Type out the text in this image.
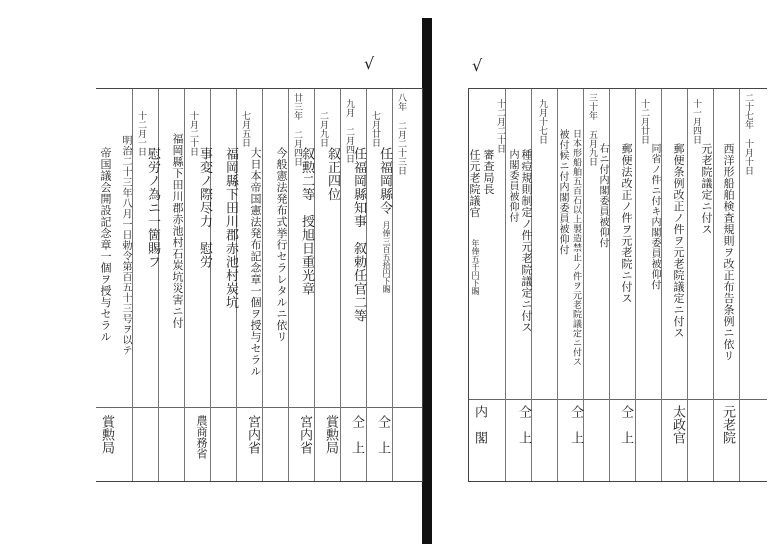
√	√
八年 二月二十三日
任福岡縣令
月俸三百五拾円下賜
仝　上
七月廿日
任福岡縣知事　叙勅任官二等
仝　上
九月 二月四日
叙正四位
賞勲局
二月九日
叙勲二等　授旭日重光章
宮内省
廿三年 二月四日
今般憲法発布式挙行セラレタルニ依リ
大日本帝国憲法発布記念章一個ヲ授与セラル
宮内省
七月五日
福岡縣下田川郡赤池村炭坑
事変ノ際尽力　慰労
農商務省
十月二十日
福岡縣下田川郡赤池村石炭坑災害ニ付
慰労ノ為ニ一箇賜フ
十二月一日
明治二十三年八月一日勅令第百五十三号ヲ以テ
帝国議会開設記念章一個ヲ授与セラル
賞勲局
二十七年 十月十日
西洋形船舶検査規則ヲ改正布告条例ニ依リ
元老院議定ニ付ス
元老院
十一月四日
郵便条例改正ノ件ヲ元老院議定ニ付ス
同省ノ件ニ付キ内閣委員被仰付
太政官
十二月廿日
郵便法改正ノ件ヲ元老院ニ付ス
右ニ付内閣委員被仰付
仝　上
三十年 五月九日
日本形船舶五百石以上製造禁止ノ件ヲ元老院議定ニ付ス
被付候ニ付内閣委員被仰付
仝　上
九月十七日
種痘規則制定ノ件元老院議定ニ付ス
内閣委員被仰付
仝　上
十二月二十日
審查局長
任元老院議官
年俸五千円下賜
内　閣
